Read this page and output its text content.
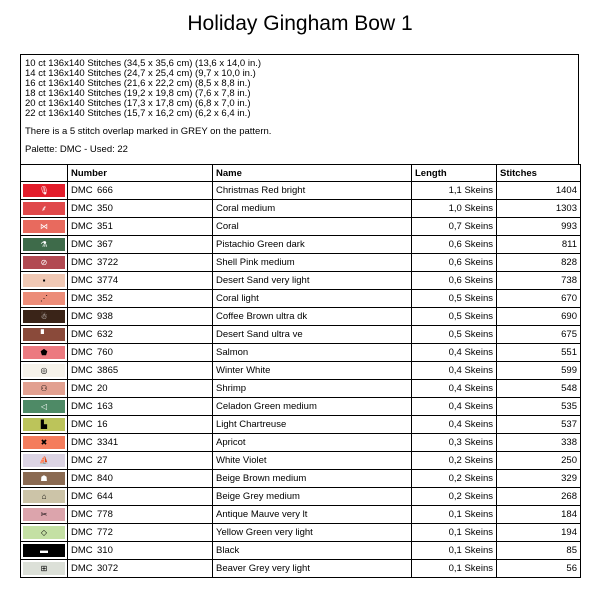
Holiday Gingham Bow 1
10 ct 136x140 Stitches (34,5 x 35,6 cm) (13,6 x 14,0 in.)
14 ct 136x140 Stitches (24,7 x 25,4 cm) (9,7 x 10,0 in.)
16 ct 136x140 Stitches (21,6 x 22,2 cm) (8,5 x 8,8 in.)
18 ct 136x140 Stitches (19,2 x 19,8 cm) (7,6 x 7,8 in.)
20 ct 136x140 Stitches (17,3 x 17,8 cm) (6,8 x 7,0 in.)
22 ct 136x140 Stitches (15,7 x 16,2 cm) (6,2 x 6,4 in.)
There is a 5 stitch overlap marked in GREY on the pattern.
Palette: DMC - Used: 22
	Number	Name	Length	Stitches

🎙	DMC 666	Christmas Red bright	1,1 Skeins	1404

⸙	DMC 350	Coral medium	1,0 Skeins	1303

⋈	DMC 351	Coral	0,7 Skeins	993

⚗	DMC 367	Pistachio Green dark	0,6 Skeins	811

⊘	DMC 3722	Shell Pink medium	0,6 Skeins	828

▪	DMC 3774	Desert Sand very light	0,6 Skeins	738

⋰	DMC 352	Coral light	0,5 Skeins	670

☃	DMC 938	Coffee Brown ultra dk	0,5 Skeins	690

▘	DMC 632	Desert Sand ultra ve	0,5 Skeins	675

⬟	DMC 760	Salmon	0,4 Skeins	551

◎	DMC 3865	Winter White	0,4 Skeins	599

⚇	DMC 20	Shrimp	0,4 Skeins	548

◁	DMC 163	Celadon Green medium	0,4 Skeins	535

▙	DMC 16	Light Chartreuse	0,4 Skeins	537

✖	DMC 3341	Apricot	0,3 Skeins	338

⛵	DMC 27	White Violet	0,2 Skeins	250

☗	DMC 840	Beige Brown medium	0,2 Skeins	329

⌂	DMC 644	Beige Grey medium	0,2 Skeins	268

✂	DMC 778	Antique Mauve very lt	0,1 Skeins	184

◇	DMC 772	Yellow Green very light	0,1 Skeins	194

▬	DMC 310	Black	0,1 Skeins	85

⊞	DMC 3072	Beaver Grey very light	0,1 Skeins	56
